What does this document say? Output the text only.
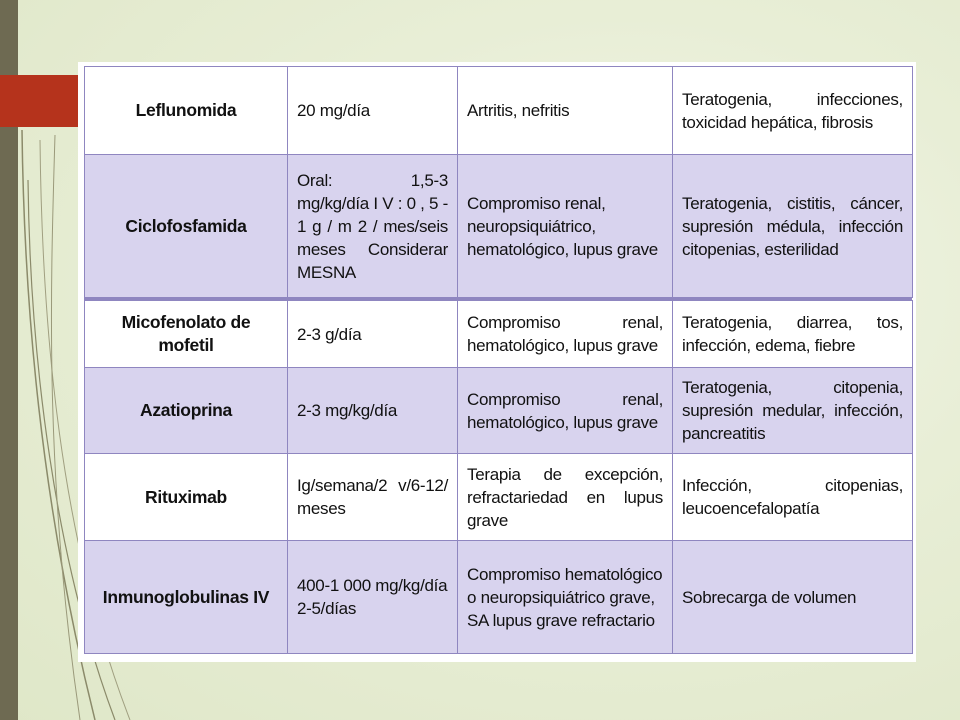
Leflunomida	20 mg/día	Artritis, nefritis	Teratogenia, infecciones, toxicidad hepática, fibrosis
Ciclofosfamida	Oral: 1,5-3 mg/kg/día I V : 0 , 5 - 1 g / m 2 / mes/seis meses Considerar MESNA	Compromiso renal, neuropsiquiátrico, hematológico, lupus grave	Teratogenia, cistitis, cáncer, supresión médula, infección citopenias, esterilidad
Micofenolato de mofetil	2-3 g/día	Compromiso renal, hematológico, lupus grave	Teratogenia, diarrea, tos, infección, edema, fiebre
Azatioprina	2-3 mg/kg/día	Compromiso renal, hematológico, lupus grave	Teratogenia, citopenia, supresión medular, infección, pancreatitis
Rituximab	Ig/semana/2 v/6-12/ meses	Terapia de excepción, refractariedad en lupus grave	Infección, citopenias, leucoencefalopatía
Inmunoglobulinas IV	400-1 000 mg/kg/día 2-5/días	Compromiso hematológico o neuropsiquiátrico grave, SA lupus grave refractario	Sobrecarga de volumen
